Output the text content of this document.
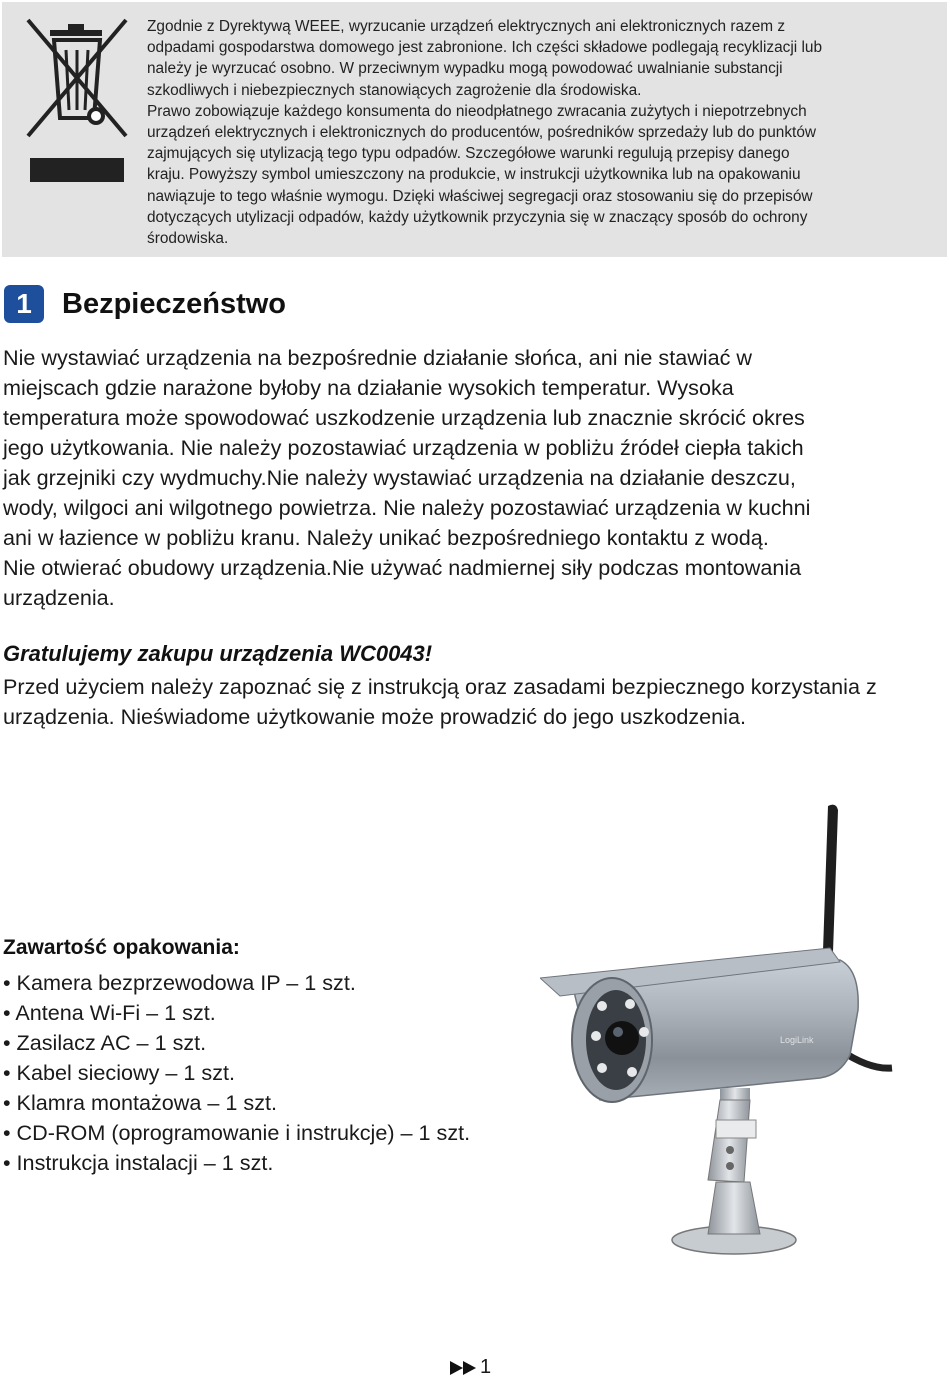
Zgodnie z Dyrektywą WEEE, wyrzucanie urządzeń elektrycznych ani elektronicznych razem z
odpadami gospodarstwa domowego jest zabronione. Ich części składowe podlegają recyklizacji lub
należy je wyrzucać osobno. W przeciwnym wypadku mogą powodować uwalnianie substancji
szkodliwych i niebezpiecznych stanowiących zagrożenie dla środowiska.
Prawo zobowiązuje każdego konsumenta do nieodpłatnego zwracania zużytych i niepotrzebnych
urządzeń elektrycznych i elektronicznych do producentów, pośredników sprzedaży lub do punktów
zajmujących się utylizacją tego typu odpadów. Szczegółowe warunki regulują przepisy danego
kraju. Powyższy symbol umieszczony na produkcie, w instrukcji użytkownika lub na opakowaniu
nawiązuje to tego właśnie wymogu. Dzięki właściwej segregacji oraz stosowaniu się do przepisów
dotyczących utylizacji odpadów, każdy użytkownik przyczynia się w znaczący sposób do ochrony
środowiska.

1	Bezpieczeństwo

Nie wystawiać urządzenia na bezpośrednie działanie słońca, ani nie stawiać w
miejscach gdzie narażone byłoby na działanie wysokich temperatur. Wysoka
temperatura może spowodować uszkodzenie urządzenia lub znacznie skrócić okres
jego użytkowania. Nie należy pozostawiać urządzenia w pobliżu źródeł ciepła takich
jak grzejniki czy wydmuchy.Nie należy wystawiać urządzenia na działanie deszczu,
wody, wilgoci ani wilgotnego powietrza. Nie należy pozostawiać urządzenia w kuchni
ani w łazience w pobliżu kranu. Należy unikać bezpośredniego kontaktu z wodą.
Nie otwierać obudowy urządzenia.Nie używać nadmiernej siły podczas montowania
urządzenia.

Gratulujemy zakupu urządzenia WC0043!

Przed użyciem należy zapoznać się z instrukcją oraz zasadami bezpiecznego korzystania z urządzenia. Nieświadome użytkowanie może prowadzić do jego uszkodzenia.

Zawartość opakowania:

• Kamera bezprzewodowa IP – 1 szt.
• Antena Wi-Fi – 1 szt.
• Zasilacz AC – 1 szt.
• Kabel sieciowy – 1 szt.
• Klamra montażowa – 1 szt.
• CD-ROM (oprogramowanie i instrukcje) – 1 szt.
• Instrukcja instalacji – 1 szt.
LogiLink
1
